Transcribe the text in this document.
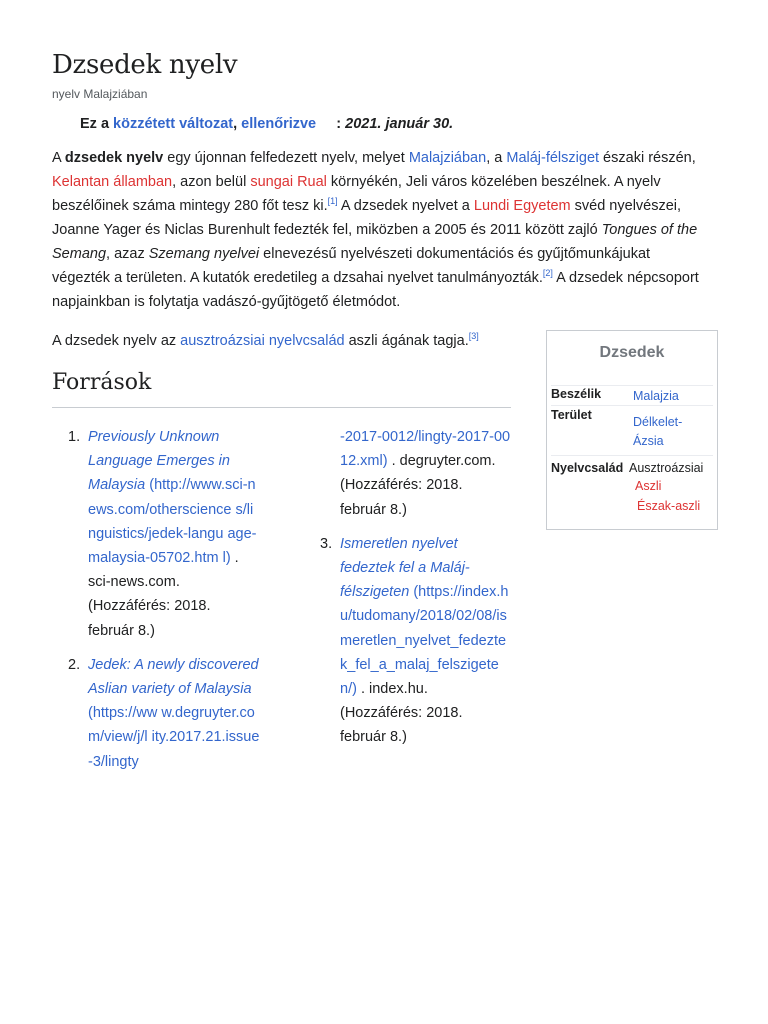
Dzsedek nyelv
nyelv Malajziában
Ez a közzétett változat, ellenőrizve : 2021. január 30.

A dzsedek nyelv egy újonnan felfedezett nyelv, melyet Malajziában, a Maláj-félsziget északi részén, Kelantan államban, azon belül sungai Rual környékén, Jeli város közelében beszélnek. A nyelv beszélőinek száma mintegy 280 főt tesz ki.[1] A dzsedek nyelvet a Lundi Egyetem svéd nyelvészei, Joanne Yager és Niclas Burenhult fedezték fel, miközben a 2005 és 2011 között zajló Tongues of the Semang, azaz Szemang nyelvei elnevezésű nyelvészeti dokumentációs és gyűjtőmunkájukat végezték a területen. A kutatók eredetileg a dzsahai nyelvet tanulmányozták.[2] A dzsedek népcsoport napjainkban is folytatja vadászó-gyűjtögető életmódot.

A dzsedek nyelv az ausztroázsiai nyelvcsalád aszli ágának tagja.[3]

Források
1. Previously Unknown Language Emerges in Malaysia (http://www.sci-news.com/otherscience s/linguistics/jedek-langu age-malaysia-05702.htm l) . sci-news.com. (Hozzáférés: 2018. február 8.)
2. Jedek: A newly discovered Aslian variety of Malaysia (https://ww w.degruyter.com/view/j/l ity.2017.21.issue-3/lingty
-2017-0012/lingty-2017-0012.xml) . degruyter.com. (Hozzáférés: 2018. február 8.)
3. Ismeretlen nyelvet fedeztek fel a Maláj-félszigeten (https://index.hu/tudomany/2018/02/08/ismeretlen_nyelvet_fedeztek_fel_a_malaj_felszigeten/) . index.hu. (Hozzáférés: 2018. február 8.)
Dzsedek
Beszélik	Malajzia
Terület	Délkelet-Ázsia
Nyelvcsalád Ausztroázsiai
Aszli
Észak-aszli
